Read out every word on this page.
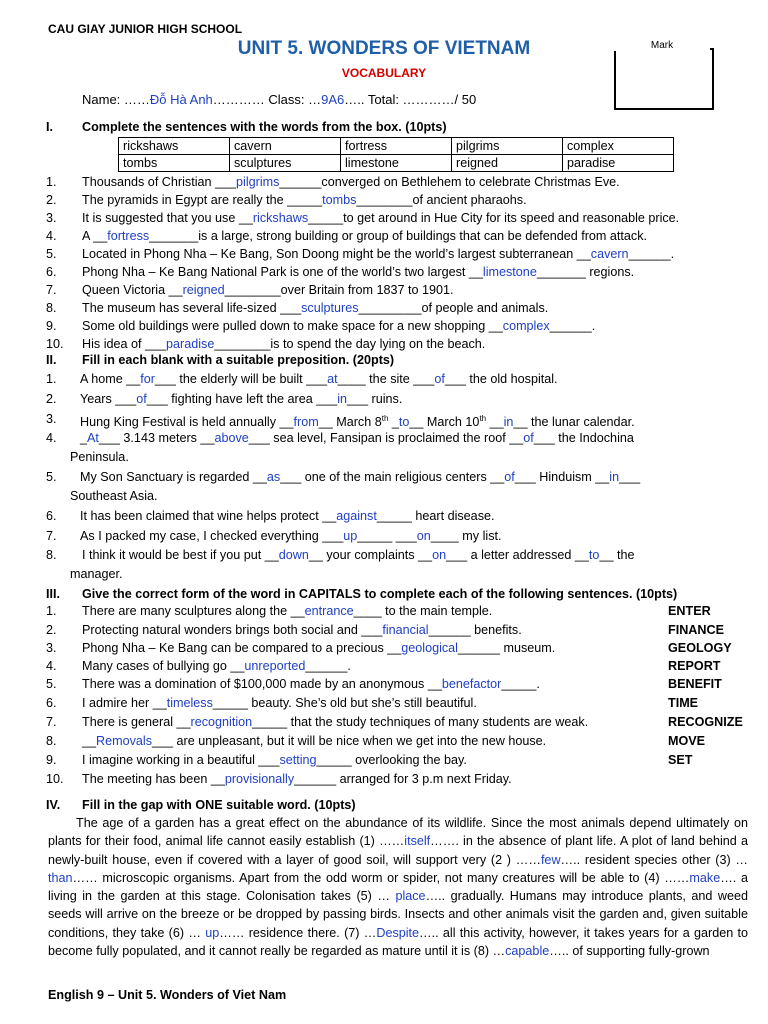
CAU GIAY JUNIOR HIGH SCHOOL
UNIT 5. WONDERS OF VIETNAM
VOCABULARY
Mark
Name: ……Đỗ Hà Anh………… Class: …9A6….. Total: …………/ 50
I. Complete the sentences with the words from the box. (10pts)
rickshaws	cavern	fortress	pilgrims	complex
tombs	sculptures	limestone	reigned	paradise
1. Thousands of Christian ___pilgrims______converged on Bethlehem to celebrate Christmas Eve.
2. The pyramids in Egypt are really the _____tombs________of ancient pharaohs.
3. It is suggested that you use __rickshaws_____to get around in Hue City for its speed and reasonable price.
4. A __fortress_______is a large, strong building or group of buildings that can be defended from attack.
5. Located in Phong Nha – Ke Bang, Son Doong might be the world’s largest subterranean __cavern______.
6. Phong Nha – Ke Bang National Park is one of the world’s two largest __limestone_______ regions.
7. Queen Victoria __reigned________over Britain from 1837 to 1901.
8. The museum has several life-sized ___sculptures_________of people and animals.
9. Some old buildings were pulled down to make space for a new shopping __complex______.
10. His idea of ___paradise________is to spend the day lying on the beach.
II. Fill in each blank with a suitable preposition. (20pts)
1. A home __for___ the elderly will be built ___at____ the site ___of___ the old hospital.
2. Years ___of___ fighting have left the area ___in___ ruins.
3. Hung King Festival is held annually __from__ March 8th _to__ March 10th __in__ the lunar calendar.
4. _At___ 3.143 meters __above___ sea level, Fansipan is proclaimed the roof __of___ the Indochina
Peninsula.
5. My Son Sanctuary is regarded __as___ one of the main religious centers __of___ Hinduism __in___
Southeast Asia.
6. It has been claimed that wine helps protect __against_____ heart disease.
7. As I packed my case, I checked everything ___up_____ ___on____ my list.
8. I think it would be best if you put __down__ your complaints __on___ a letter addressed __to__ the
manager.
III. Give the correct form of the word in CAPITALS to complete each of the following sentences. (10pts)
1. There are many sculptures along the __entrance____ to the main temple.	ENTER
2. Protecting natural wonders brings both social and ___financial______ benefits.	FINANCE
3. Phong Nha – Ke Bang can be compared to a precious __geological______ museum.	GEOLOGY
4. Many cases of bullying go __unreported______.	REPORT
5. There was a domination of $100,000 made by an anonymous __benefactor_____.	BENEFIT
6. I admire her __timeless_____ beauty. She’s old but she’s still beautiful.	TIME
7. There is general __recognition_____ that the study techniques of many students are weak.	RECOGNIZE
8. __Removals___ are unpleasant, but it will be nice when we get into the new house.	MOVE
9. I imagine working in a beautiful ___setting_____ overlooking the bay.	SET
10. The meeting has been __provisionally______ arranged for 3 p.m next Friday.
IV. Fill in the gap with ONE suitable word. (10pts)
The age of a garden has a great effect on the abundance of its wildlife. Since the most animals depend ultimately on plants for their food, animal life cannot easily establish (1) ……itself……. in the absence of plant life. A plot of land behind a newly-built house, even if covered with a layer of good soil, will support very (2 ) ……few….. resident species other (3) …than…… microscopic organisms. Apart from the odd worm or spider, not many creatures will be able to (4) ……make…. a living in the garden at this stage. Colonisation takes (5) … place….. gradually. Humans may introduce plants, and weed seeds will arrive on the breeze or be dropped by passing birds. Insects and other animals visit the garden and, given suitable conditions, they take (6) … up…… residence there. (7) …Despite….. all this activity, however, it takes years for a garden to become fully populated, and it cannot really be regarded as mature until it is (8) …capable….. of supporting fully-grown
English 9 – Unit 5. Wonders of Viet Nam
